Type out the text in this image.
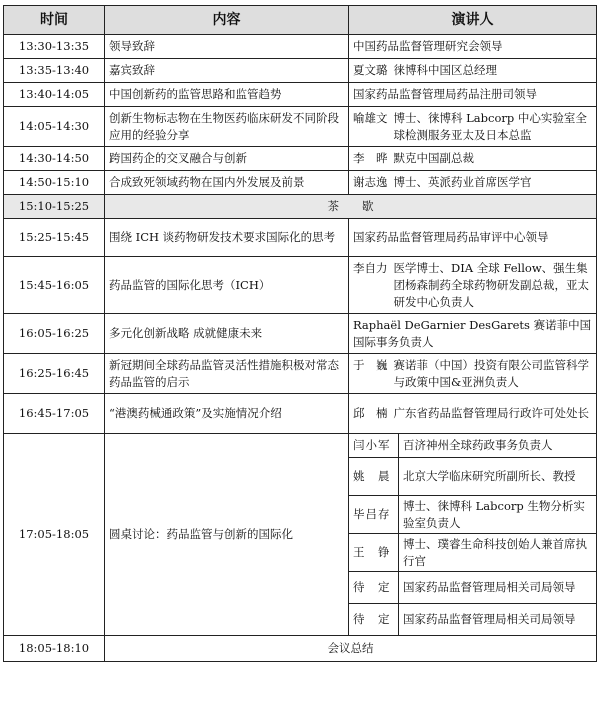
时间	内容	演讲人	
13:30-13:35	领导致辞	中国药品监督管理研究会领导	
13:35-13:40	嘉宾致辞	夏文璐 徕博科中国区总经理	

13:40-14:05	中国创新药的监管思路和监管趋势	国家药品监督管理局药品注册司领导	
14:05-14:30	创新生物标志物在生物医药临床研发不同阶段应用的经验分享	喻雄文 博士、徕博科 Labcorp 中心实验室全球检测服务亚太及日本总监	

14:30-14:50	跨国药企的交叉融合与创新	李　晔 默克中国副总裁	

14:50-15:10	合成致死领域药物在国内外发展及前景	谢志逸 博士、英派药业首席医学官	

15:10-15:25	茶　　歇		
15:25-15:45	围绕 ICH 谈药物研发技术要求国际化的思考	国家药品监督管理局药品审评中心领导	
15:45-16:05	药品监管的国际化思考（ICH）	李自力 医学博士、DIA 全球 Fellow、强生集团杨森制药全球药物研发副总裁，亚太研发中心负责人	

16:05-16:25	多元化创新战略 成就健康未来	Raphaël DeGarnier DesGarets 赛诺菲中国国际事务负责人	
16:25-16:45	新冠期间全球药品监管灵活性措施积极对常态药品监管的启示	于　巍 赛诺菲（中国）投资有限公司监管科学与政策中国&亚洲负责人	

16:45-17:05	“港澳药械通政策”及实施情况介绍	邱　楠 广东省药品监督管理局行政许可处处长	

17:05-18:05	圆桌讨论：药品监管与创新的国际化	闫小军	百济神州全球药政事务负责人
		姚　晨	北京大学临床研究所副所长、教授
		毕吕存	博士、徕博科 Labcorp 生物分析实验室负责人
		王　铮	博士、璞睿生命科技创始人兼首席执行官
		待　定	国家药品监督管理局相关司局领导
		待　定	国家药品监督管理局相关司局领导
18:05-18:10	会议总结		
